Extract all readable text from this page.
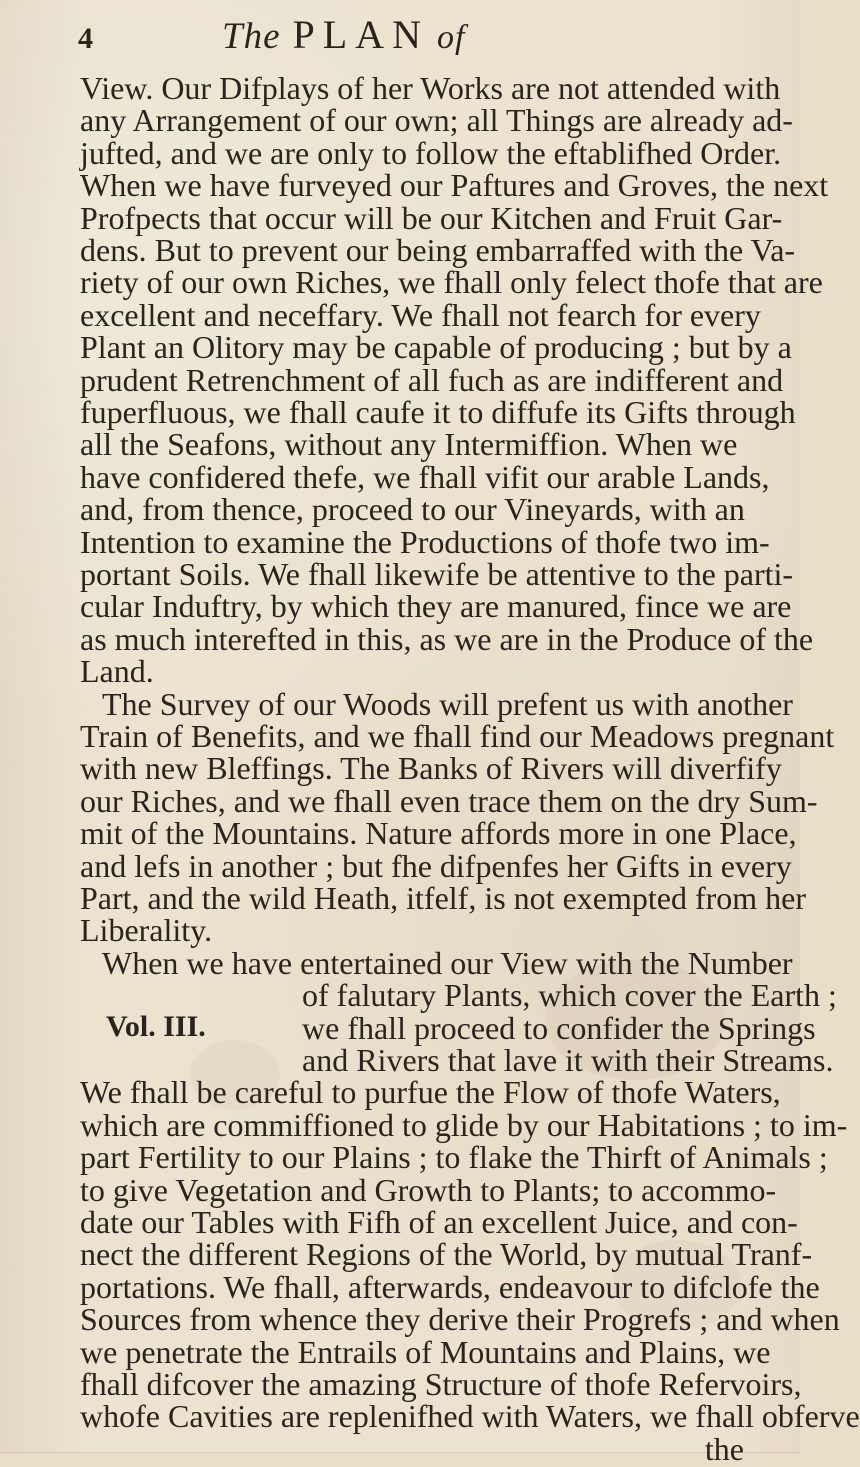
4	The PLAN of
View. Our Difplays of her Works are not attended with
any Arrangement of our own; all Things are already ad-
jufted, and we are only to follow the eftablifhed Order.
When we have furveyed our Paftures and Groves, the next
Profpects that occur will be our Kitchen and Fruit Gar-
dens. But to prevent our being embarraffed with the Va-
riety of our own Riches, we fhall only felect thofe that are
excellent and neceffary. We fhall not fearch for every
Plant an Olitory may be capable of producing ; but by a
prudent Retrenchment of all fuch as are indifferent and
fuperfluous, we fhall caufe it to diffufe its Gifts through
all the Seafons, without any Intermiffion. When we
have confidered thefe, we fhall vifit our arable Lands,
and, from thence, proceed to our Vineyards, with an
Intention to examine the Productions of thofe two im-
portant Soils. We fhall likewife be attentive to the parti-
cular Induftry, by which they are manured, fince we are
as much interefted in this, as we are in the Produce of the
Land.
The Survey of our Woods will prefent us with another
Train of Benefits, and we fhall find our Meadows pregnant
with new Bleffings. The Banks of Rivers will diverfify
our Riches, and we fhall even trace them on the dry Sum-
mit of the Mountains. Nature affords more in one Place,
and lefs in another ; but fhe difpenfes her Gifts in every
Part, and the wild Heath, itfelf, is not exempted from her
Liberality.
When we have entertained our View with the Number
of falutary Plants, which cover the Earth ;
Vol. III.	we fhall proceed to confider the Springs
and Rivers that lave it with their Streams.
We fhall be careful to purfue the Flow of thofe Waters,
which are commiffioned to glide by our Habitations ; to im-
part Fertility to our Plains ; to flake the Thirft of Animals ;
to give Vegetation and Growth to Plants; to accommo-
date our Tables with Fifh of an excellent Juice, and con-
nect the different Regions of the World, by mutual Tranf-
portations. We fhall, afterwards, endeavour to difclofe the
Sources from whence they derive their Progrefs ; and when
we penetrate the Entrails of Mountains and Plains, we
fhall difcover the amazing Structure of thofe Refervoirs,
whofe Cavities are replenifhed with Waters, we fhall obferve
the
